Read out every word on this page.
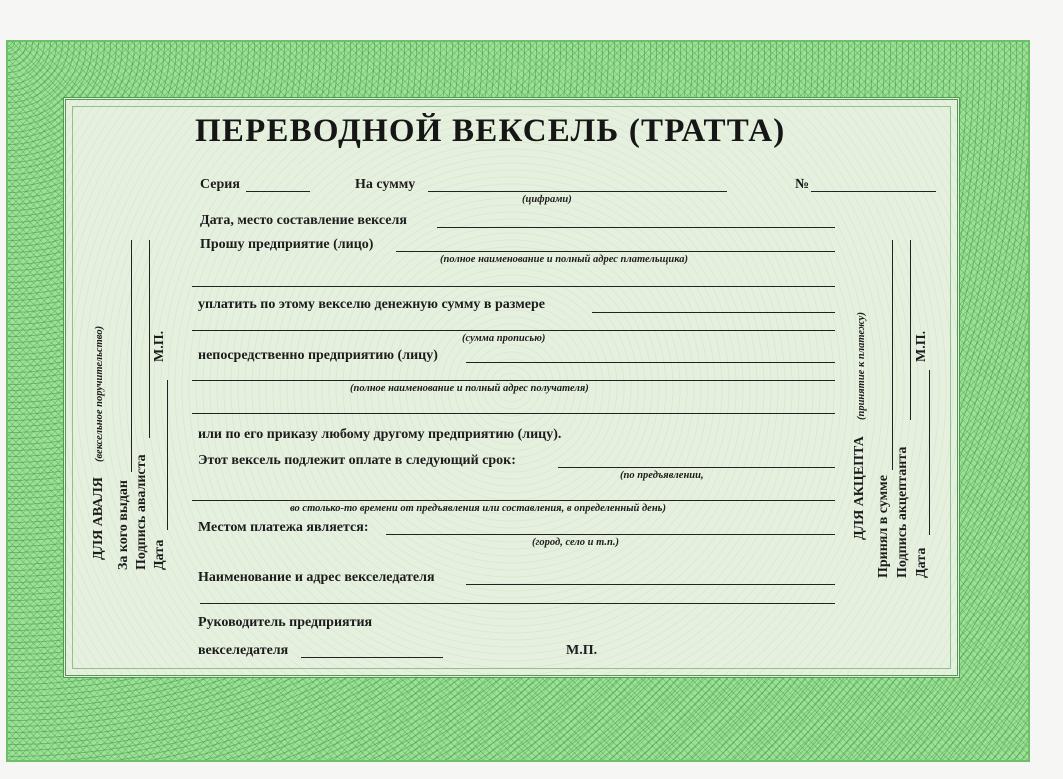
ПЕРЕВОДНОЙ ВЕКСЕЛЬ (ТРАТТА)
Серия	На сумму
(цифрами)
№
Дата, место составление векселя
Прошу предприятие (лицо)
(полное наименование и полный адрес плательщика)
уплатить по этому векселю денежную сумму в размере
(сумма прописью)
непосредственно предприятию (лицу)
(полное наименование и полный адрес получателя)
или по его приказу любому другому предприятию (лицу).
Этот вексель подлежит оплате в следующий срок:
(по предъявлении,
во столько-то времени от предъявления или составления, в определенный день)
Местом платежа является:
(город, село и т.п.)
Наименование и адрес векселедателя
Руководитель предприятия
векселедателя	М.П.
ДЛЯ АВАЛЯ
(вексельное поручительство)
За кого выдан Подпись авалиста Дата
М.П.
ДЛЯ АКЦЕПТА
(принятие к платежу)
Принял в сумме Подпись акцептанта Дата
М.П.
